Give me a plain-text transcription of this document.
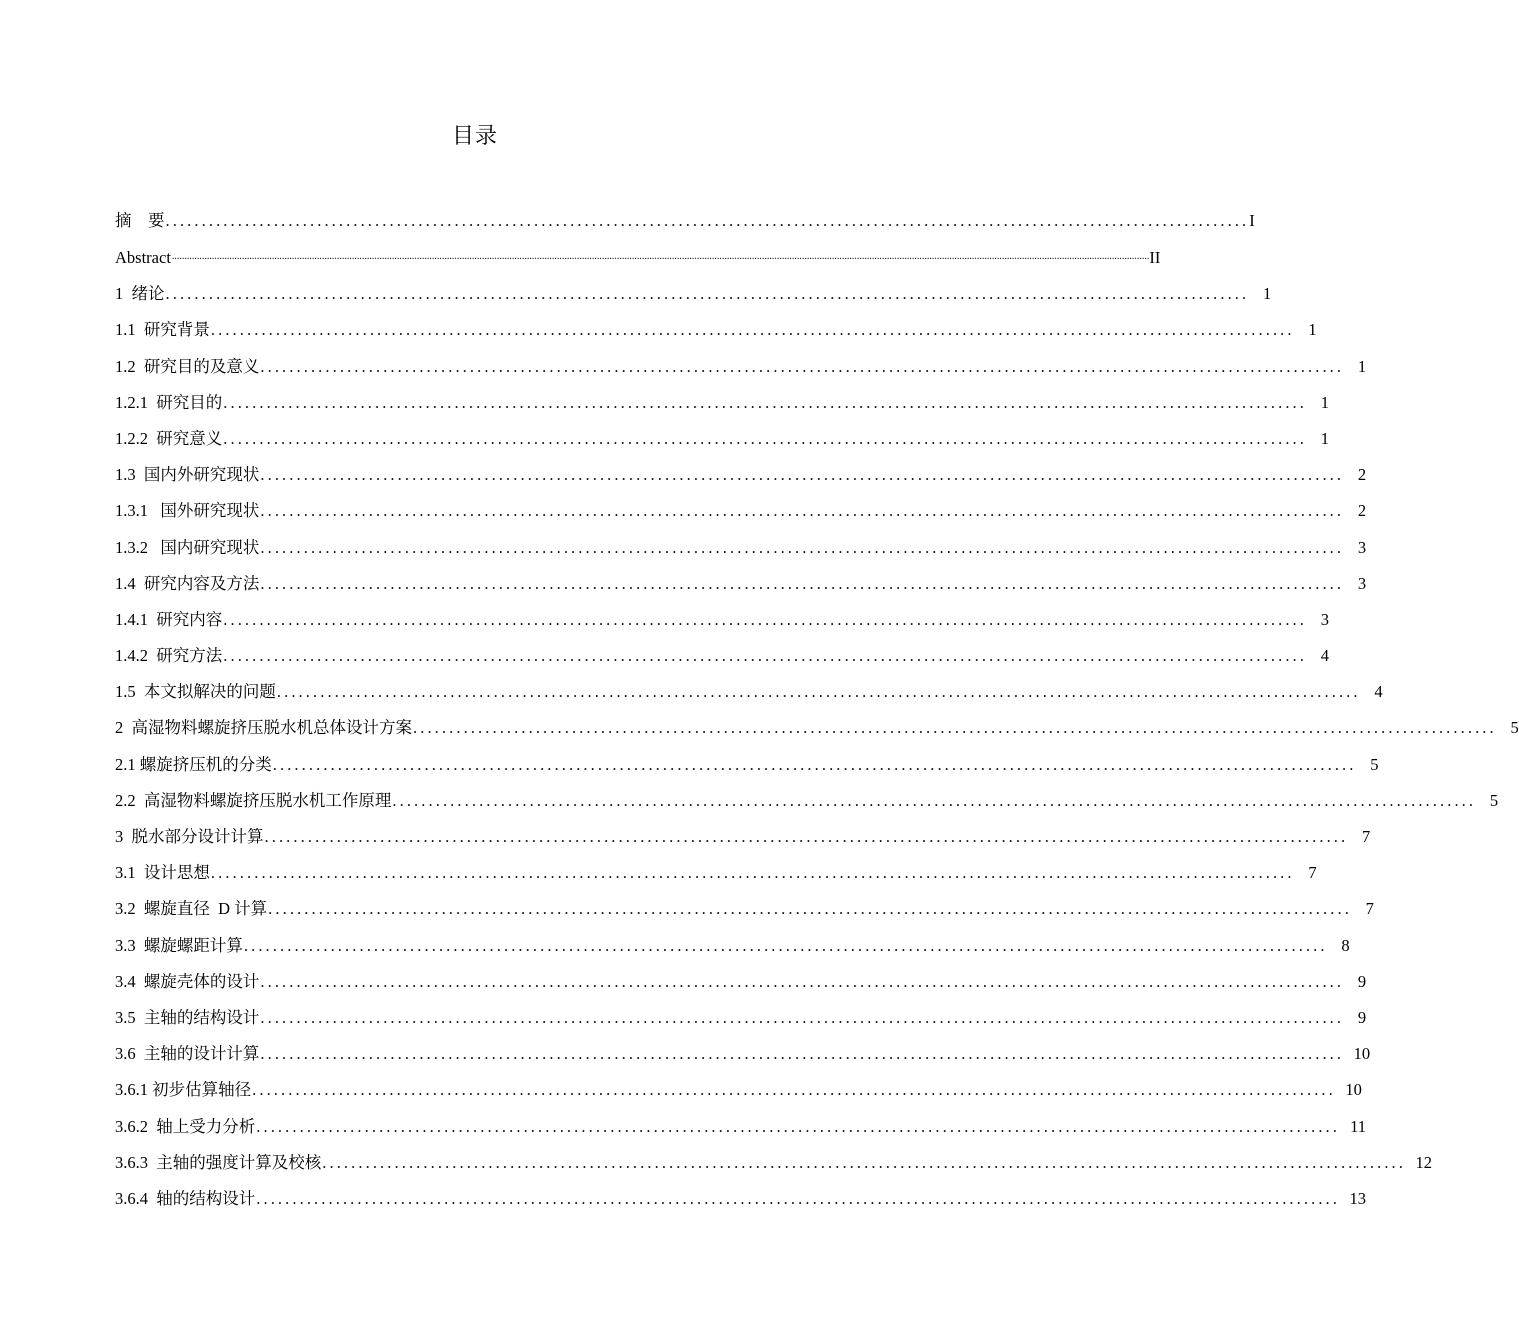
目录
摘    要 ...................................................................................................................................................... I
Abstract ....................................................................................................................................................................................................................................................................................................................................................................................................... II
1  绪论 ...................................................................................................................................................... 1
1.1  研究背景 ...................................................................................................................................................... 1
1.2  研究目的及意义 ...................................................................................................................................................... 1
1.2.1  研究目的 ...................................................................................................................................................... 1
1.2.2  研究意义 ...................................................................................................................................................... 1
1.3  国内外研究现状 ...................................................................................................................................................... 2
1.3.1   国外研究现状 ...................................................................................................................................................... 2
1.3.2   国内研究现状 ...................................................................................................................................................... 3
1.4  研究内容及方法 ...................................................................................................................................................... 3
1.4.1  研究内容 ...................................................................................................................................................... 3
1.4.2  研究方法 ...................................................................................................................................................... 4
1.5  本文拟解决的问题 ...................................................................................................................................................... 4
2  高湿物料螺旋挤压脱水机总体设计方案 ...................................................................................................................................................... 5
2.1 螺旋挤压机的分类 ...................................................................................................................................................... 5
2.2  高湿物料螺旋挤压脱水机工作原理 ...................................................................................................................................................... 5
3  脱水部分设计计算 ...................................................................................................................................................... 7
3.1  设计思想 ...................................................................................................................................................... 7
3.2  螺旋直径  D 计算 ...................................................................................................................................................... 7
3.3  螺旋螺距计算 ...................................................................................................................................................... 8
3.4  螺旋壳体的设计 ...................................................................................................................................................... 9
3.5  主轴的结构设计 ...................................................................................................................................................... 9
3.6  主轴的设计计算 ...................................................................................................................................................... 10
3.6.1 初步估算轴径 ...................................................................................................................................................... 10
3.6.2  轴上受力分析 ...................................................................................................................................................... 11
3.6.3  主轴的强度计算及校核 ...................................................................................................................................................... 12
3.6.4  轴的结构设计 ...................................................................................................................................................... 13
